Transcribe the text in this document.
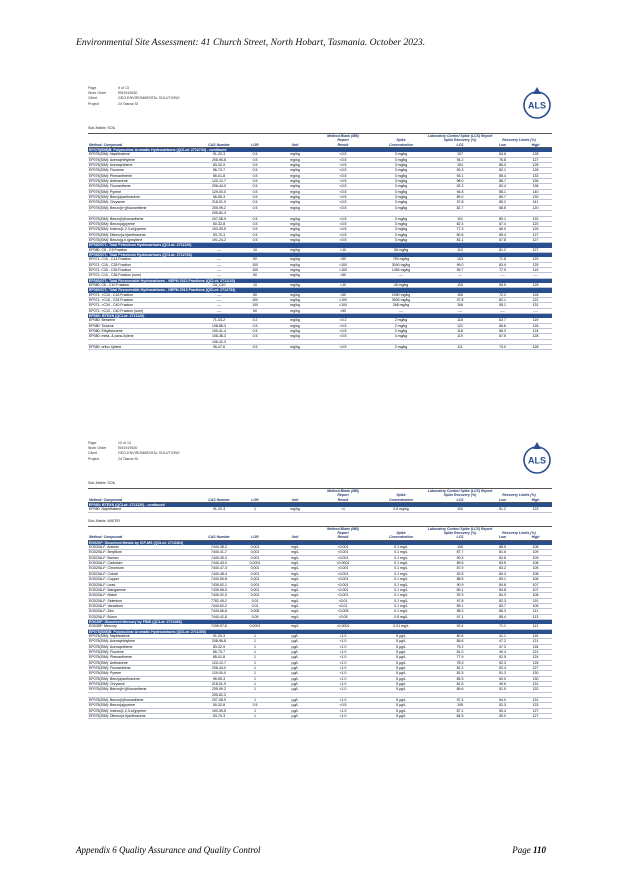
Environmental Site Assessment: 41 Church Street, North Hobart, Tasmania. October 2023.
Page	9 of 13
Work Order	EM1919630
Client	GEO-ENVIRONMENTAL SOLUTIONS
Project	24 Tasma St	ALS
Sub-Matrix: SOIL
				Method Blank (MB)	Laboratory Control Spike (LCS) Report			
				Report	Spike	Spike Recovery (%)	Recovery Limits (%)	
Method: Compound	CAS Number	LOR	Unit	Result	Concentration	LCS	Low	High
EP075(SIM)B: Polynuclear Aromatic Hydrocarbons (QCLot: 2712733) - continued								
EP075(SIM): Naphthalene	91-20-3	0.5	mg/kg	<0.5	3 mg/kg	107	84.6	128
EP075(SIM): Acenaphthylene	208-96-8	0.5	mg/kg	<0.5	3 mg/kg	94.2	76.8	127
EP075(SIM): Acenaphthene	83-32-9	0.5	mg/kg	<0.5	3 mg/kg	104	85.3	128
EP075(SIM): Fluorene	86-73-7	0.5	mg/kg	<0.5	3 mg/kg	99.3	82.1	126
EP075(SIM): Phenanthrene	85-01-8	0.5	mg/kg	<0.5	3 mg/kg	93.1	85.4	133
EP075(SIM): Anthracene	120-12-7	0.5	mg/kg	<0.5	3 mg/kg	98.0	88.7	136
EP075(SIM): Fluoranthene	206-44-0	0.5	mg/kg	<0.5	3 mg/kg	92.2	83.4	138
EP075(SIM): Pyrene	129-00-0	0.5	mg/kg	<0.5	3 mg/kg	94.8	85.1	140
EP075(SIM): Benz(a)anthracene	56-55-3	0.5	mg/kg	<0.5	3 mg/kg	89.0	80.7	130
EP075(SIM): Chrysene	218-01-9	0.5	mg/kg	<0.5	3 mg/kg	97.8	85.2	141
EP075(SIM): Benzo(b+j)fluoranthene	205-99-2	0.5	mg/kg	<0.5	3 mg/kg	82.7	68.5	120
	205-82-3							
EP075(SIM): Benzo(k)fluoranthene	207-08-9	0.5	mg/kg	<0.5	3 mg/kg	101	80.1	132
EP075(SIM): Benzo(a)pyrene	50-32-8	0.5	mg/kg	<0.5	3 mg/kg	82.4	67.4	120
EP075(SIM): Indeno(1.2.3.cd)pyrene	193-39-5	0.5	mg/kg	<0.5	3 mg/kg	77.3	66.0	126
EP075(SIM): Dibenz(a.h)anthracene	53-70-3	0.5	mg/kg	<0.5	3 mg/kg	80.6	65.4	127
EP075(SIM): Benzo(g.h.i)perylene	191-24-2	0.5	mg/kg	<0.5	3 mg/kg	81.1	67.8	127
EP080/071: Total Petroleum Hydrocarbons (QCLot: 2711120)								
EP080: C6 - C9 Fraction	----	10	mg/kg	<10	36 mg/kg	110	61.2	127
EP080/071: Total Petroleum Hydrocarbons (QCLot: 2712734)								
EP071: C10 - C14 Fraction	----	50	mg/kg	<50	750 mg/kg	103	71.8	129
EP071: C15 - C28 Fraction	----	100	mg/kg	<100	3040 mg/kg	99.0	83.9	125
EP071: C29 - C36 Fraction	----	100	mg/kg	<100	1450 mg/kg	99.7	77.9	119
EP071: C10 - C36 Fraction (sum)	----	50	mg/kg	<50	----	----	----	----
EP080/071: Total Recoverable Hydrocarbons - NEPM 2013 Fractions (QCLot: 2711120)								
EP080: C6 - C10 Fraction	C6_C10	10	mg/kg	<10	45 mg/kg	103	59.5	125
EP080/071: Total Recoverable Hydrocarbons - NEPM 2013 Fractions (QCLot: 2712734)								
EP071: >C10 - C16 Fraction	----	50	mg/kg	<50	1090 mg/kg	106	72.2	126
EP071: >C16 - C34 Fraction	----	100	mg/kg	<100	3930 mg/kg	97.8	82.1	122
EP071: >C34 - C40 Fraction	----	100	mg/kg	<100	268 mg/kg	106	55.1	131
EP071: >C10 - C40 Fraction (sum)	----	50	mg/kg	<50	----	----	----	----
EP080: BTEXN (QCLot: 2711120)								
EP080: Benzene	71-43-2	0.2	mg/kg	<0.2	2 mg/kg	116	62.7	119
EP080: Toluene	108-88-3	0.5	mg/kg	<0.5	2 mg/kg	121	66.6	126
EP080: Ethylbenzene	100-41-4	0.5	mg/kg	<0.5	2 mg/kg	116	66.3	124
EP080: meta- & para-Xylene	108-38-3	0.5	mg/kg	<0.5	4 mg/kg	119	67.5	128
	106-42-3							
EP080: ortho-Xylene	95-47-6	0.5	mg/kg	<0.5	2 mg/kg	111	73.0	128
Page	10 of 13
Work Order	EM1919630
Client	GEO-ENVIRONMENTAL SOLUTIONS
Project	24 Tasma St	ALS
Sub-Matrix: SOIL
				Method Blank (MB)	Laboratory Control Spike (LCS) Report			
				Report	Spike	Spike Recovery (%)	Recovery Limits (%)	
Method: Compound	CAS Number	LOR	Unit	Result	Concentration	LCS	Low	High
EP080: BTEXN (QCLot: 2711120) - continued								
EP080: Naphthalene	91-20-3	1	mg/kg	<1	0.5 mg/kg	100	61.2	123
Sub-Matrix: WATER
				Method Blank (MB)	Laboratory Control Spike (LCS) Report			
				Report	Spike	Spike Recovery (%)	Recovery Limits (%)	
Method: Compound	CAS Number	LOR	Unit	Result	Concentration	LCS	Low	High
EG020F: Dissolved Metals by ICP-MS (QCLot: 2713464)								
EG020A-F: Arsenic	7440-38-2	0.001	mg/L	<0.001	0.1 mg/L	105	88.5	108
EG020A-F: Beryllium	7440-41-7	0.001	mg/L	<0.001	0.1 mg/L	87.7	81.6	109
EG020A-F: Barium	7440-39-3	0.001	mg/L	<0.001	0.1 mg/L	90.3	83.6	109
EG020A-F: Cadmium	7440-43-9	0.0001	mg/L	<0.0001	0.1 mg/L	89.6	83.5	108
EG020A-F: Chromium	7440-47-3	0.001	mg/L	<0.001	0.1 mg/L	87.9	83.2	105
EG020A-F: Cobalt	7440-48-4	0.001	mg/L	<0.001	0.1 mg/L	92.5	84.3	108
EG020A-F: Copper	7440-50-8	0.001	mg/L	<0.001	0.1 mg/L	88.5	83.1	106
EG020A-F: Lead	7439-92-1	0.001	mg/L	<0.001	0.1 mg/L	90.9	84.6	107
EG020A-F: Manganese	7439-96-5	0.001	mg/L	<0.001	0.1 mg/L	89.1	84.8	107
EG020A-F: Nickel	7440-02-0	0.001	mg/L	<0.001	0.1 mg/L	92.9	84.3	108
EG020A-F: Selenium	7782-49-2	0.01	mg/L	<0.01	0.1 mg/L	97.8	82.3	110
EG020A-F: Vanadium	7440-62-2	0.01	mg/L	<0.01	0.1 mg/L	89.1	83.7	106
EG020A-F: Zinc	7440-66-6	0.005	mg/L	<0.005	0.1 mg/L	98.2	86.3	111
EG020A-F: Boron	7440-42-8	0.05	mg/L	<0.05	0.5 mg/L	97.1	85.4	113
EG035F: Dissolved Mercury by FIMS (QCLot: 2713465)								
EG035F: Mercury	7439-97-6	0.0001	mg/L	<0.0001	0.01 mg/L	92.4	71.1	112
EP075(SIM)B: Polynuclear Aromatic Hydrocarbons (QCLot: 2711450)								
EP075(SIM): Naphthalene	91-20-3	1	µg/L	<1.0	5 µg/L	80.6	41.1	116
EP075(SIM): Acenaphthylene	208-96-8	1	µg/L	<1.0	5 µg/L	85.6	47.2	121
EP075(SIM): Acenaphthene	83-32-9	1	µg/L	<1.0	5 µg/L	79.2	47.3	118
EP075(SIM): Fluorene	86-73-7	1	µg/L	<1.0	5 µg/L	81.0	49.4	121
EP075(SIM): Phenanthrene	85-01-8	1	µg/L	<1.0	5 µg/L	77.9	52.5	124
EP075(SIM): Anthracene	120-12-7	1	µg/L	<1.0	5 µg/L	78.3	52.3	125
EP075(SIM): Fluoranthene	206-44-0	1	µg/L	<1.0	5 µg/L	81.2	52.4	127
EP075(SIM): Pyrene	129-00-0	1	µg/L	<1.0	5 µg/L	81.5	51.3	130
EP075(SIM): Benz(a)anthracene	56-55-3	1	µg/L	<1.0	5 µg/L	85.3	50.0	130
EP075(SIM): Chrysene	218-01-9	1	µg/L	<1.0	5 µg/L	81.5	49.6	131
EP075(SIM): Benzo(b+j)fluoranthene	205-99-2	1	µg/L	<1.0	5 µg/L	89.6	51.5	132
	205-82-3							
EP075(SIM): Benzo(k)fluoranthene	207-08-9	1	µg/L	<1.0	5 µg/L	97.4	54.0	131
EP075(SIM): Benzo(a)pyrene	50-32-8	0.5	µg/L	<0.5	5 µg/L	105	52.3	133
EP075(SIM): Indeno(1.2.3.cd)pyrene	193-39-5	1	µg/L	<1.0	5 µg/L	87.1	50.4	127
EP075(SIM): Dibenz(a.h)anthracene	53-70-3	1	µg/L	<1.0	5 µg/L	84.5	50.0	127
Appendix 6 Quality Assurance and Quality Control	Page 110
